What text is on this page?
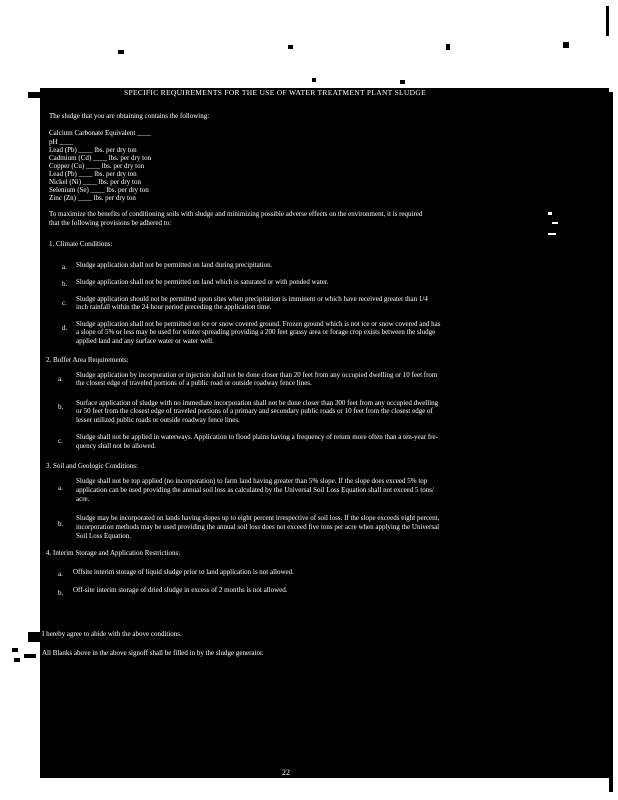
SPECIFIC REQUIREMENTS FOR THE USE OF WATER TREATMENT PLANT SLUDGE
The sludge that you are obtaining contains the following:
Calcium Carbonate Equivalent ____
pH ____
Lead (Pb) ____ lbs. per dry ton
Cadmium (Cd) ____ lbs. per dry ton
Copper (Cu) ____ lbs. per dry ton
Lead (Pb) ____ lbs. per dry ton
Nickel (Ni) ____ lbs. per dry ton
Selenium (Se) ____ lbs. per dry ton
Zinc (Zn) ____ lbs. per dry ton
To maximize the benefits of conditioning soils with sludge and minimizing possible adverse effects on the environment, it is required
that the following provisions be adhered to:
1. Climate Conditions:
a. Sludge application shall not be permitted on land during precipitation.
b. Sludge application shall not be permitted on land which is saturated or with ponded water.
c. Sludge application should not be permitted upon sites when precipitation is imminent or which have received greater than 1/4
inch rainfall within the 24 hour period preceding the application time.
d. Sludge application shall not be permitted on ice or snow covered ground. Frozen ground which is not ice or snow covered and has
a slope of 5% or less may be used for winter spreading providing a 200 feet grassy area or forage crop exists between the sludge
applied land and any surface water or water well.
2. Buffer Area Requirements:
a. Sludge application by incorporation or injection shall not be done closer than 20 feet from any occupied dwelling or 10 feet from
the closest edge of traveled portions of a public road or outside roadway fence lines.
b. Surface application of sludge with no immediate incorporation shall not be done closer than 300 feet from any occupied dwelling
or 50 feet from the closest edge of traveled portions of a primary and secondary public roads or 10 feet from the closest edge of
lesser utilized public roads or outside roadway fence lines.
c. Sludge shall not be applied in waterways. Application to flood plains having a frequency of return more often than a ten-year fre-
quency shall not be allowed.
3. Soil and Geologic Conditions:
a.
Sludge shall not be top applied (no incorporation) to farm land having greater than 5% slope. If the slope does exceed 5% top
application can be used providing the annual soil loss as calculated by the Universal Soil Loss Equation shall not exceed 5 tons/
acre.
b.
Sludge may be incorporated on lands having slopes up to eight percent irrespective of soil loss. If the slope exceeds eight percent,
incorporation methods may be used providing the annual soil loss does not exceed five tons per acre when applying the Universal
Soil Loss Equation.
4. Interim Storage and Application Restrictions:
a. Offsite interim storage of liquid sludge prior to land application is not allowed.
b. Off-site interim storage of dried sludge in excess of 2 months is not allowed.
I hereby agree to abide with the above conditions.
All Blanks above in the above signoff shall be filled in by the sludge generator.
22
